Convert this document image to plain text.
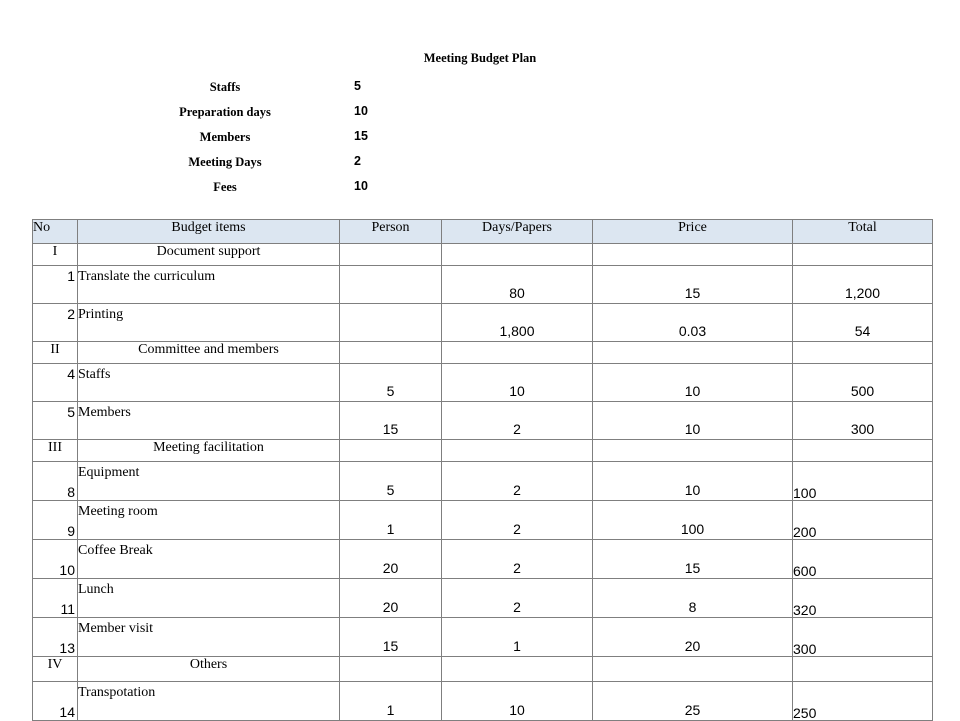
Meeting Budget Plan
Staffs	5
Preparation days	10
Members	15
Meeting Days	2
Fees	10
No	Budget items	Person	Days/Papers	Price	Total
I	Document support				

1	Translate the curriculum		80	15	1,200

2	Printing		1,800	0.03	54

II	Committee and members				

4	Staffs	5	10	10	500

5	Members	15	2	10	300

III	Meeting facilitation				

8	Equipment	5	2	10	100

9	Meeting room	1	2	100	200

10	Coffee Break	20	2	15	600

11	Lunch	20	2	8	320

13	Member visit	15	1	20	300

IV	Others				

14	Transpotation	1	10	25	250
